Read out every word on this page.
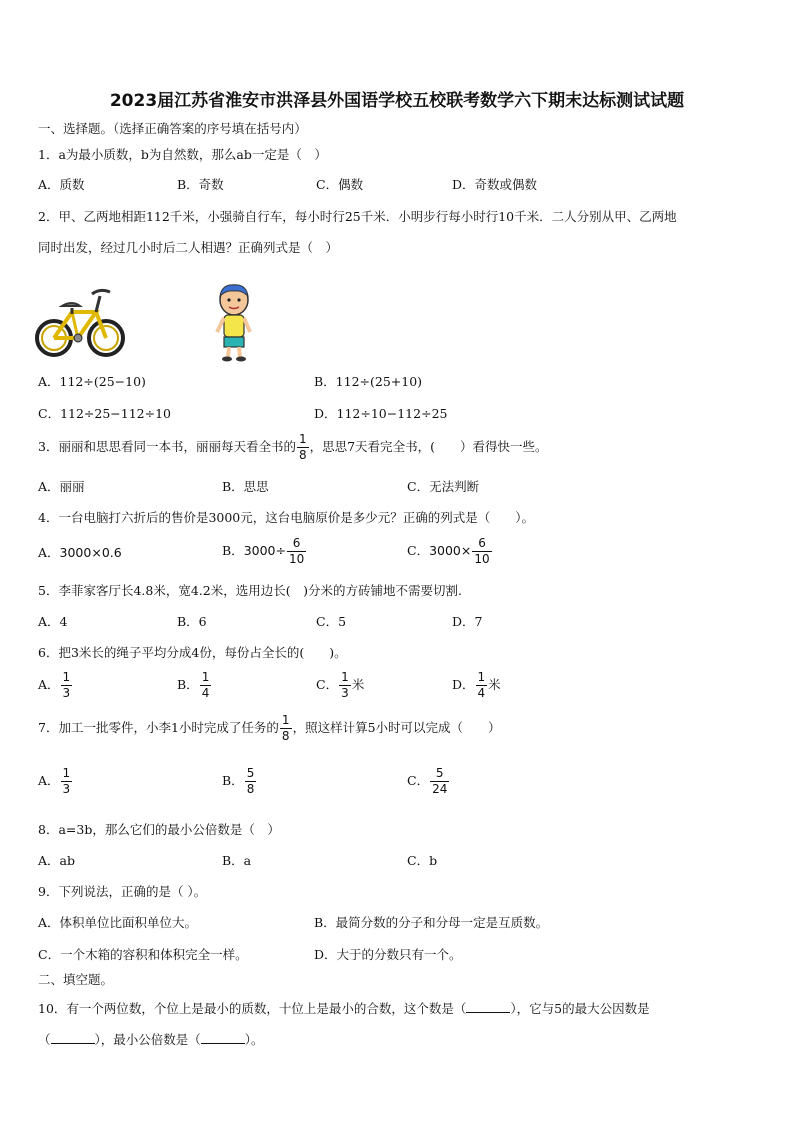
2023届江苏省淮安市洪泽县外国语学校五校联考数学六下期末达标测试试题
一、选择题。（选择正确答案的序号填在括号内）
1．a为最小质数，b为自然数，那么ab一定是（　）
A．质数	B．奇数	C．偶数	D．奇数或偶数
2．甲、乙两地相距112千米，小强骑自行车，每小时行25千米．小明步行每小时行10千米．二人分别从甲、乙两地
同时出发，经过几小时后二人相遇？正确列式是（　）
A．112÷(25−10)	B．112÷(25+10)
C．112÷25−112÷10	D．112÷10−112÷25
3．丽丽和思思看同一本书，丽丽每天看全书的 $\frac{1}{8}$ ，思思7天看完全书，(　　）看得快一些。
A．丽丽	B．思思	C．无法判断
4．一台电脑打六折后的售价是3000元，这台电脑原价是多少元？正确的列式是（　　）。
A．3000×0.6	B．$3000\div \frac{6}{10}$	C．$3000\times \frac{6}{10}$
5．李菲家客厅长4.8米，宽4.2米，选用边长(　)分米的方砖铺地不需要切割.
A．4	B．6	C．5	D．7
6．把3米长的绳子平均分成4份，每份占全长的(　　)。
A． $\frac{1}{3}$	B． $\frac{1}{4}$	C． $\frac{1}{3}$ 米	D． $\frac{1}{4}$ 米
7．加工一批零件，小李1小时完成了任务的 $\frac{1}{8}$ ，照这样计算5小时可以完成（　　）
A． $\frac{1}{3}$	B． $\frac{5}{8}$	C． $\frac{5}{24}$
8．a=3b，那么它们的最小公倍数是（　）
A．ab	B．a	C．b
9．下列说法，正确的是（ ）。
A．体积单位比面积单位大。	B．最简分数的分子和分母一定是互质数。
C．一个木箱的容积和体积完全一样。	D．大于的分数只有一个。
二、填空题。
10．有一个两位数，个位上是最小的质数，十位上是最小的合数，这个数是（	），它与5的最大公因数是
（	），最小公倍数是（	）。
